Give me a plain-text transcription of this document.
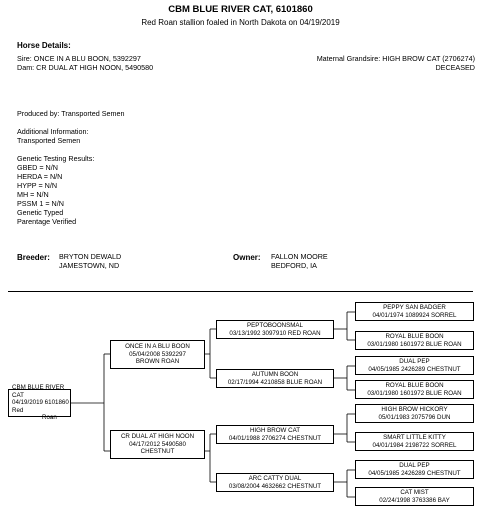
CBM BLUE RIVER CAT, 6101860
Red Roan stallion foaled in North Dakota on 04/19/2019
Horse Details:
Sire: ONCE IN A BLU BOON, 5392297
Dam: CR DUAL AT HIGH NOON, 5490580
Maternal Grandsire: HIGH BROW CAT (2706274)
DECEASED
Produced by: Transported Semen
Additional Information:
Transported Semen
Genetic Testing Results:
GBED = N/N
HERDA = N/N
HYPP = N/N
MH = N/N
PSSM 1 = N/N
Genetic Typed
Parentage Verified
Breeder: BRYTON DEWALD
JAMESTOWN, ND
Owner: FALLON MOORE
BEDFORD, IA
CBM BLUE RIVER CAT
04/19/2019 6101860 Red
Roan
ONCE IN A BLU BOON
05/04/2008 5392297
BROWN ROAN
CR DUAL AT HIGH NOON
04/17/2012 5490580
CHESTNUT
PEPTOBOONSMAL
03/13/1992 3097910 RED ROAN
AUTUMN BOON
02/17/1994 4210858 BLUE ROAN
HIGH BROW CAT
04/01/1988 2706274 CHESTNUT
ARC CATTY DUAL
03/08/2004 4632662 CHESTNUT
PEPPY SAN BADGER
04/01/1974 1089924 SORREL
ROYAL BLUE BOON
03/01/1980 1601972 BLUE ROAN
DUAL PEP
04/05/1985 2426289 CHESTNUT
ROYAL BLUE BOON
03/01/1980 1601972 BLUE ROAN
HIGH BROW HICKORY
05/01/1983 2075796 DUN
SMART LITTLE KITTY
04/01/1984 2198722 SORREL
DUAL PEP
04/05/1985 2426289 CHESTNUT
CAT MIST
02/24/1998 3763386 BAY
